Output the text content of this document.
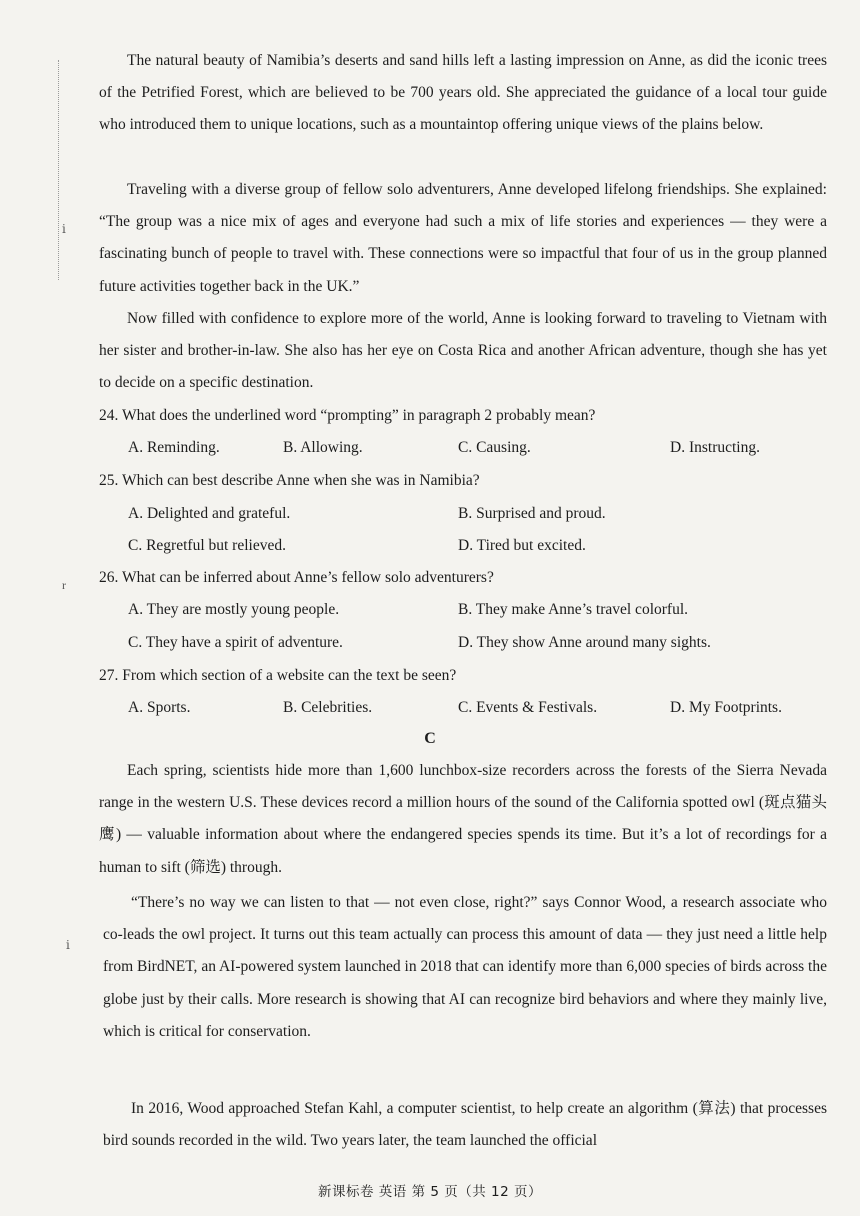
ⅰ
r
ⅰ

The natural beauty of Namibia’s deserts and sand hills left a lasting impression on Anne, as did the iconic trees of the Petrified Forest, which are believed to be 700 years old. She appreciated the guidance of a local tour guide who introduced them to unique locations, such as a mountaintop offering unique views of the plains below.

Traveling with a diverse group of fellow solo adventurers, Anne developed lifelong friendships. She explained: “The group was a nice mix of ages and everyone had such a mix of life stories and experiences — they were a fascinating bunch of people to travel with. These connections were so impactful that four of us in the group planned future activities together back in the UK.”

Now filled with confidence to explore more of the world, Anne is looking forward to traveling to Vietnam with her sister and brother-in-law. She also has her eye on Costa Rica and another African adventure, though she has yet to decide on a specific destination.

24. What does the underlined word “prompting” in paragraph 2 probably mean?

A. Reminding.	B. Allowing.	C. Causing.	D. Instructing.

25. Which can best describe Anne when she was in Namibia?

A. Delighted and grateful.	B. Surprised and proud.

C. Regretful but relieved.	D. Tired but excited.

26. What can be inferred about Anne’s fellow solo adventurers?

A. They are mostly young people.	B. They make Anne’s travel colorful.

C. They have a spirit of adventure.	D. They show Anne around many sights.

27. From which section of a website can the text be seen?

A. Sports.	B. Celebrities.	C. Events & Festivals.	D. My Footprints.

C

Each spring, scientists hide more than 1,600 lunchbox-size recorders across the forests of the Sierra Nevada range in the western U.S. These devices record a million hours of the sound of the California spotted owl (斑点猫头鹰) — valuable information about where the endangered species spends its time. But it’s a lot of recordings for a human to sift (筛选) through.

“There’s no way we can listen to that — not even close, right?” says Connor Wood, a research associate who co-leads the owl project. It turns out this team actually can process this amount of data — they just need a little help from BirdNET, an AI-powered system launched in 2018 that can identify more than 6,000 species of birds across the globe just by their calls. More research is showing that AI can recognize bird behaviors and where they mainly live, which is critical for conservation.

In 2016, Wood approached Stefan Kahl, a computer scientist, to help create an algorithm (算法) that processes bird sounds recorded in the wild. Two years later, the team launched the official

新课标卷 英语 第 5 页（共 12 页）
